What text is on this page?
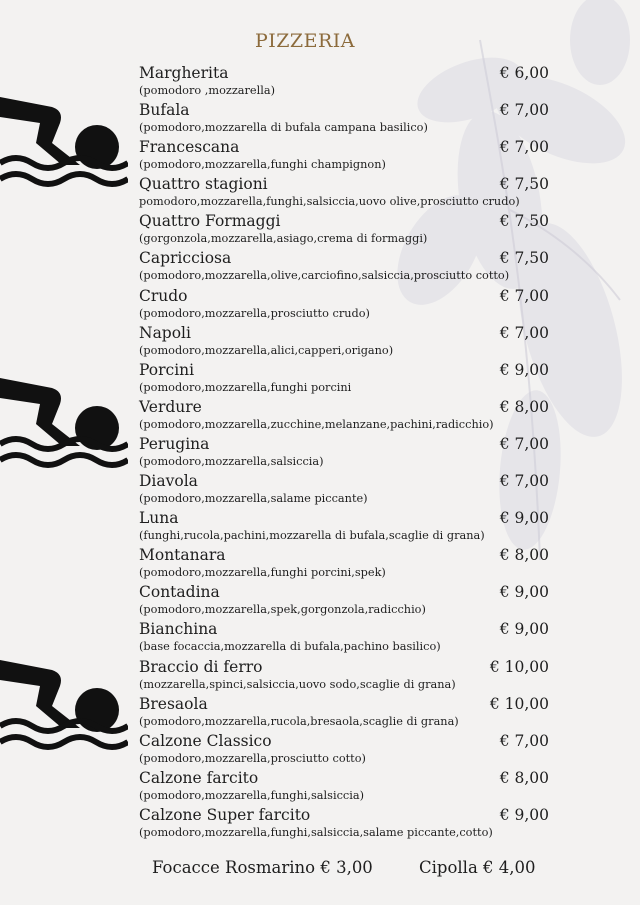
PIZZERIA
Margherita	€ 6,00
(pomodoro ,mozzarella)
Bufala	€ 7,00
(pomodoro,mozzarella di bufala campana basilico)
Francescana	€ 7,00
(pomodoro,mozzarella,funghi champignon)
Quattro stagioni	€ 7,50
pomodoro,mozzarella,funghi,salsiccia,uovo olive,prosciutto crudo)
Quattro Formaggi	€ 7,50
(gorgonzola,mozzarella,asiago,crema di formaggi)
Capricciosa	€ 7,50
(pomodoro,mozzarella,olive,carciofino,salsiccia,prosciutto cotto)
Crudo	€ 7,00
(pomodoro,mozzarella,prosciutto crudo)
Napoli	€ 7,00
(pomodoro,mozzarella,alici,capperi,origano)
Porcini	€ 9,00
(pomodoro,mozzarella,funghi porcini
Verdure	€ 8,00
(pomodoro,mozzarella,zucchine,melanzane,pachini,radicchio)
Perugina	€ 7,00
(pomodoro,mozzarella,salsiccia)
Diavola	€ 7,00
(pomodoro,mozzarella,salame piccante)
Luna	€ 9,00
(funghi,rucola,pachini,mozzarella di bufala,scaglie di grana)
Montanara	€ 8,00
(pomodoro,mozzarella,funghi porcini,spek)
Contadina	€ 9,00
(pomodoro,mozzarella,spek,gorgonzola,radicchio)
Bianchina	€ 9,00
(base focaccia,mozzarella di bufala,pachino basilico)
Braccio di ferro	€ 10,00
(mozzarella,spinci,salsiccia,uovo sodo,scaglie di grana)
Bresaola	€ 10,00
(pomodoro,mozzarella,rucola,bresaola,scaglie di grana)
Calzone Classico	€ 7,00
(pomodoro,mozzarella,prosciutto cotto)
Calzone farcito	€ 8,00
(pomodoro,mozzarella,funghi,salsiccia)
Calzone Super farcito	€ 9,00
(pomodoro,mozzarella,funghi,salsiccia,salame piccante,cotto)
Focacce Rosmarino € 3,00	Cipolla € 4,00
